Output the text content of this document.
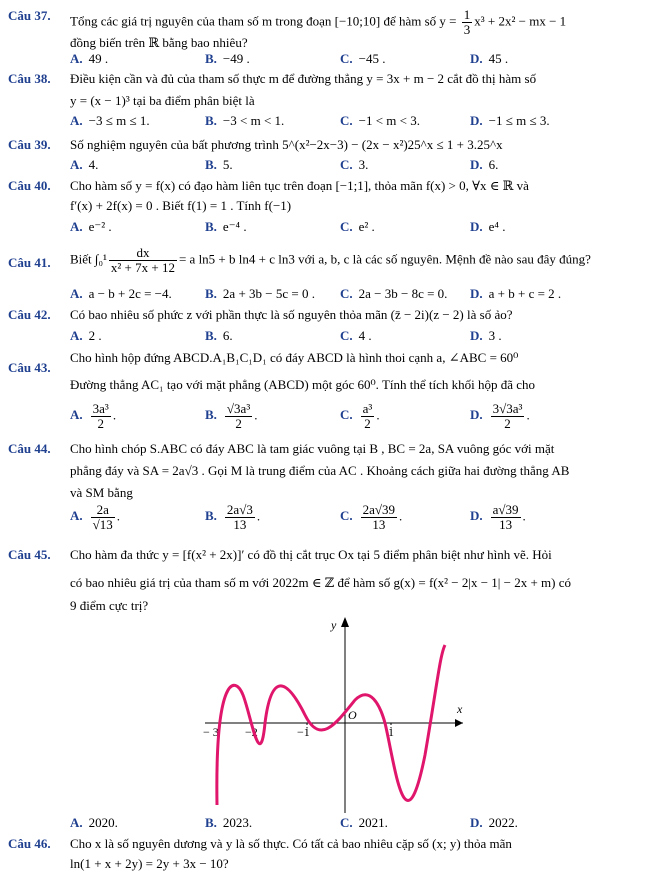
Câu 37. Tổng các giá trị nguyên của tham số m trong đoạn [−10;10] để hàm số $y = \frac{1}{3} x^3 + 2x^2$ − mx − 1
đồng biến trên ℝ bằng bao nhiêu?
A. 49 .	B. −49 .	C. −45 .	D. 45 .
Câu 38. Điều kiện cần và đủ của tham số thực m để đường thẳng y = 3x + m − 2 cắt đồ thị hàm số
y = (x − 1)³ tại ba điểm phân biệt là
A. −3 ≤ m ≤ 1.	B. −3 < m < 1.	C. −1 < m < 3.	D. −1 ≤ m ≤ 3.
Câu 39. Số nghiệm nguyên của bất phương trình 5^(x²−2x−3) − (2x − x²)25^x ≤ 1 + 3.25^x
A. 4.	B. 5.	C. 3.	D. 6.
Câu 40. Cho hàm số y = f(x) có đạo hàm liên tục trên đoạn [−1;1], thỏa mãn f(x) > 0, ∀x ∈ ℝ và
f′(x) + 2f(x) = 0 . Biết f(1) = 1 . Tính f(−1)
A. e⁻² .	B. e⁻⁴ .	C. e² .	D. e⁴ .
Câu 41. Biết $\int_0^1 \frac{dx}{\text{x² + 7x + 12}} = a$ ln5 + b ln4 + c ln3 với a, b, c là các số nguyên. Mệnh đề nào sau đây đúng?
A. a − b + 2c = −4.	B. 2a + 3b − 5c = 0 . C. 2a − 3b − 8c = 0. D. a + b + c = 2 .
Câu 42. Có bao nhiêu số phức z với phần thực là số nguyên thỏa mãn (z̄ − 2i)(z − 2) là số ảo?
A. 2 .	B. 6.	C. 4 .	D. 3 .
Câu 43.
Cho hình hộp đứng ABCD.A₁B₁C₁D₁ có đáy ABCD là hình thoi cạnh a, ∠ABC = 60⁰
Đường thẳng AC₁ tạo với mặt phẳng (ABCD) một góc 60⁰. Tính thể tích khối hộp đã cho
A. $\frac{\text{3a³}}{2}$ .	B. $\frac{\text{√3a³}}{2}$ .	C. $\frac{\text{a³}}{2}$ .	D. $\frac{\text{3√3a³}}{2}$ .
Câu 44. Cho hình chóp S.ABC có đáy ABC là tam giác vuông tại B , BC = 2a, SA vuông góc với mặt
phẳng đáy và SA = 2a√3 . Gọi M là trung điểm của AC . Khoảng cách giữa hai đường thẳng AB
và SM bằng
A. $\frac{2a}{√13}$ .	B. $\frac{2a√3}{13}$ .	C. $\frac{2a√39}{13}$ .	D. $\frac{a√39}{13}$ .
Câu 45. Cho hàm đa thức y = [f(x² + 2x)]′ có đồ thị cắt trục Ox tại 5 điểm phân biệt như hình vẽ. Hỏi
có bao nhiêu giá trị của tham số m với 2022m ∈ ℤ để hàm số g(x) = f(x² − 2|x − 1| − 2x + m) có
9 điểm cực trị?
A. 2020.	B. 2023.	C. 2021.	D. 2022.
y
x
O
− 3 −2	−1	1
Câu 46. Cho x là số nguyên dương và y là số thực. Có tất cả bao nhiêu cặp số (x; y) thỏa mãn
ln(1 + x + 2y) = 2y + 3x − 10?
